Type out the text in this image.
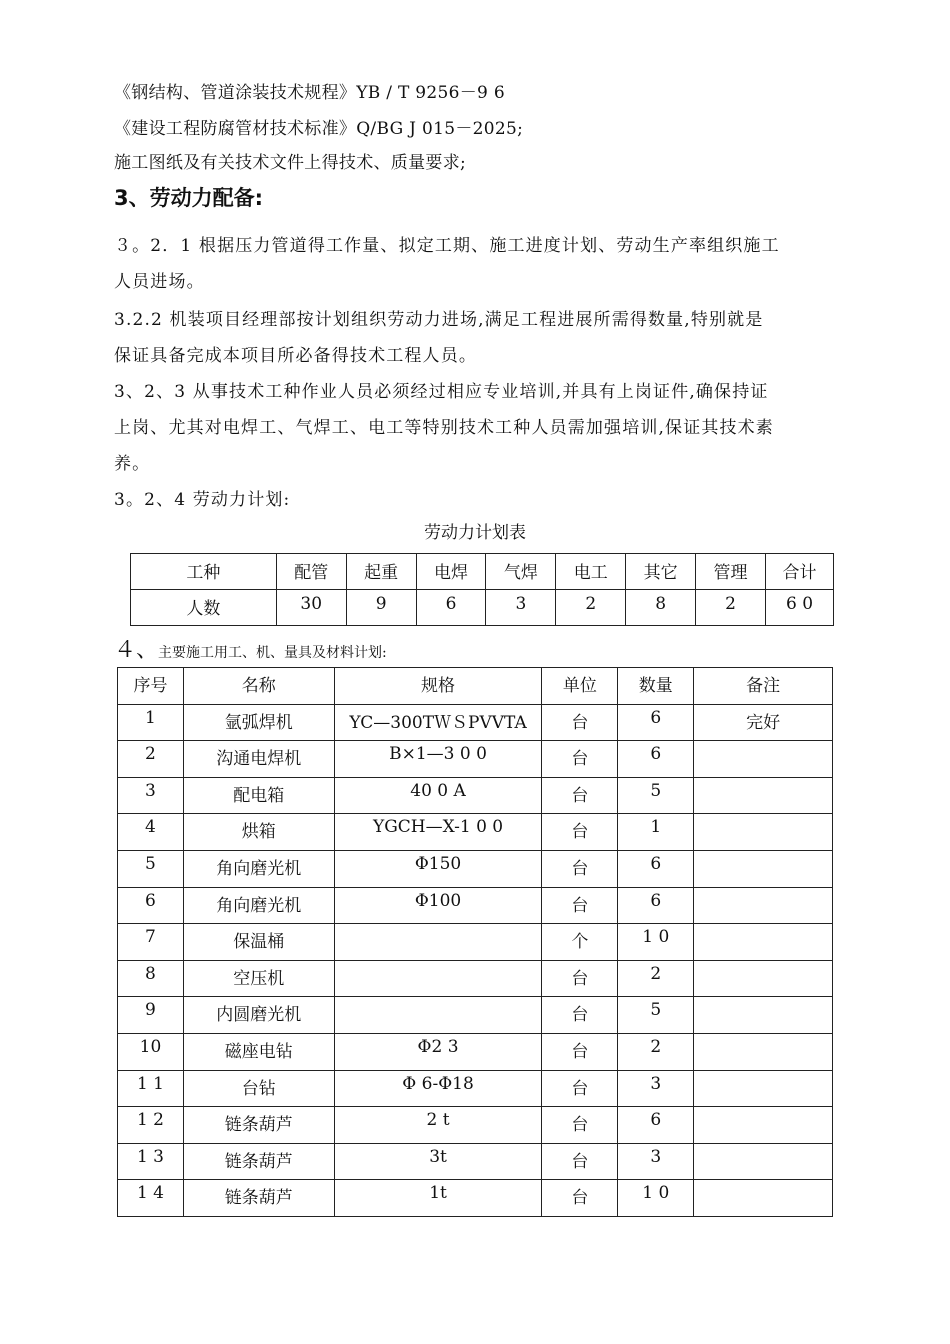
《钢结构、管道涂装技术规程》YB / T 9256－9 6
《建设工程防腐管材技术标准》Q/BG J 015－2025;
施工图纸及有关技术文件上得技术、质量要求;
3、劳动力配备:
３。2．1 根据压力管道得工作量、拟定工期、施工进度计划、劳动生产率组织施工
人员进场。
3.2.2 机装项目经理部按计划组织劳动力进场,满足工程进展所需得数量,特别就是
保证具备完成本项目所必备得技术工程人员。
3、2、3 从事技术工种作业人员必须经过相应专业培训,并具有上岗证件,确保持证
上岗、尤其对电焊工、气焊工、电工等特别技术工种人员需加强培训,保证其技术素
养。
3。2、4 劳动力计划:
劳动力计划表
工种	配管	起重	电焊	气焊	电工	其它	管理	合计
人数	30	9	6	3	2	8	2	6 0
４、主要施工用工、机、量具及材料计划:
序号	名称	规格	单位	数量	备注
1	氩弧焊机	YC—300TＷＳPVVTA	台	6	完好
2	沟通电焊机	B×1—3 0 0	台	6	
3	配电箱	40 0 A	台	5	
4	烘箱	YGCH—X-1 0 0	台	1	
5	角向磨光机	Φ150	台	6	
6	角向磨光机	Φ100	台	6	
7	保温桶		个	1 0	
8	空压机		台	2	
9	内圆磨光机		台	5	
10	磁座电钻	Φ2 3	台	2	
1 1	台钻	Φ 6-Φ18	台	3	
1 2	链条葫芦	2 t	台	6	
1 3	链条葫芦	3t	台	3	
1 4	链条葫芦	1t	台	1 0	
